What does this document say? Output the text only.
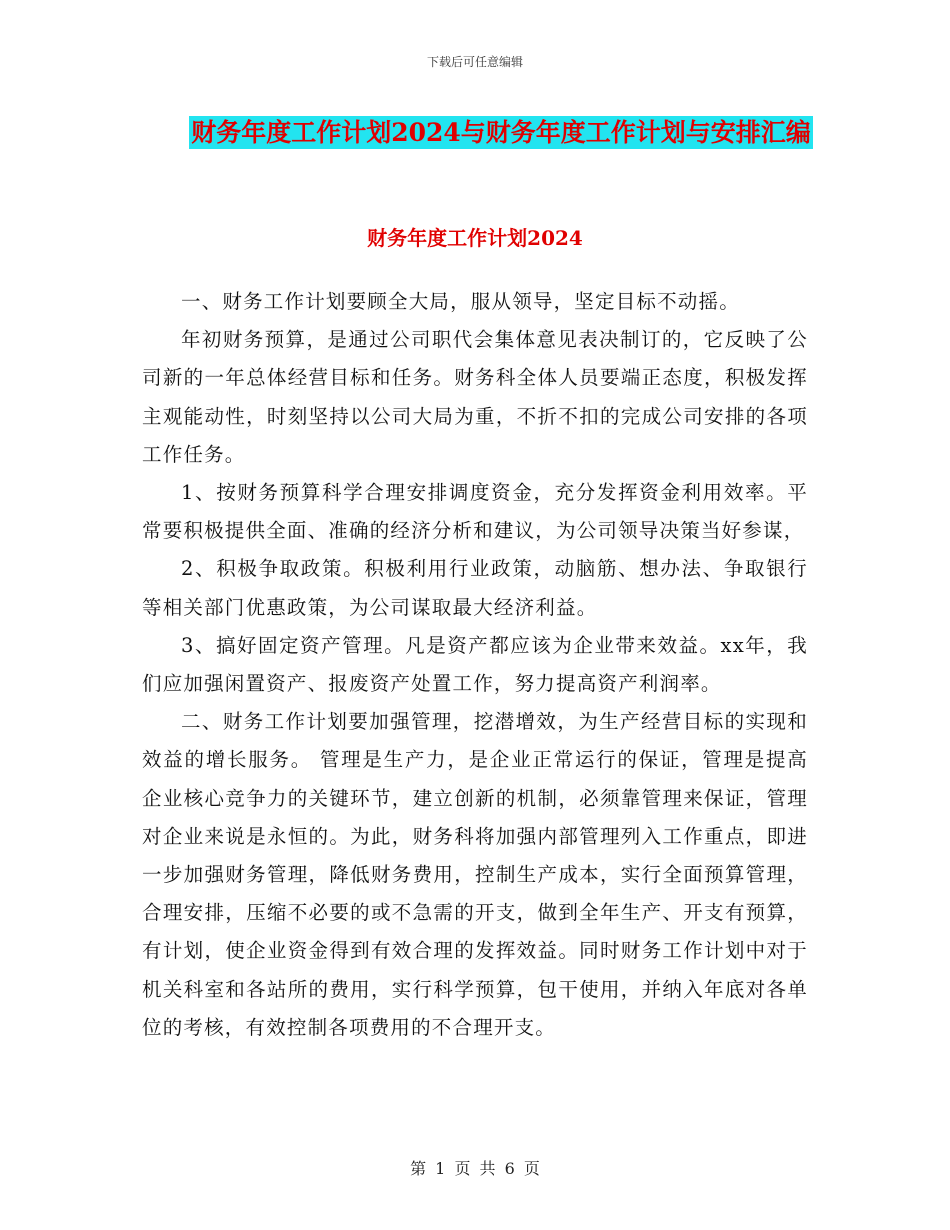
下载后可任意编辑
财务年度工作计划2024与财务年度工作计划与安排汇编
财务年度工作计划2024

一、财务工作计划要顾全大局，服从领导，坚定目标不动摇。

年初财务预算，是通过公司职代会集体意见表决制订的，它反映了公司新的一年总体经营目标和任务。财务科全体人员要端正态度，积极发挥主观能动性，时刻坚持以公司大局为重，不折不扣的完成公司安排的各项工作任务。

1、按财务预算科学合理安排调度资金，充分发挥资金利用效率。平常要积极提供全面、准确的经济分析和建议，为公司领导决策当好参谋，

2、积极争取政策。积极利用行业政策，动脑筋、想办法、争取银行等相关部门优惠政策，为公司谋取最大经济利益。

3、搞好固定资产管理。凡是资产都应该为企业带来效益。xx年，我们应加强闲置资产、报废资产处置工作，努力提高资产利润率。

二、财务工作计划要加强管理，挖潜增效，为生产经营目标的实现和效益的增长服务。 管理是生产力，是企业正常运行的保证，管理是提高企业核心竞争力的关键环节，建立创新的机制，必须靠管理来保证，管理对企业来说是永恒的。为此，财务科将加强内部管理列入工作重点，即进一步加强财务管理，降低财务费用，控制生产成本，实行全面预算管理，合理安排，压缩不必要的或不急需的开支，做到全年生产、开支有预算，有计划，使企业资金得到有效合理的发挥效益。同时财务工作计划中对于机关科室和各站所的费用，实行科学预算，包干使用，并纳入年底对各单位的考核，有效控制各项费用的不合理开支。

第 1 页 共 6 页
